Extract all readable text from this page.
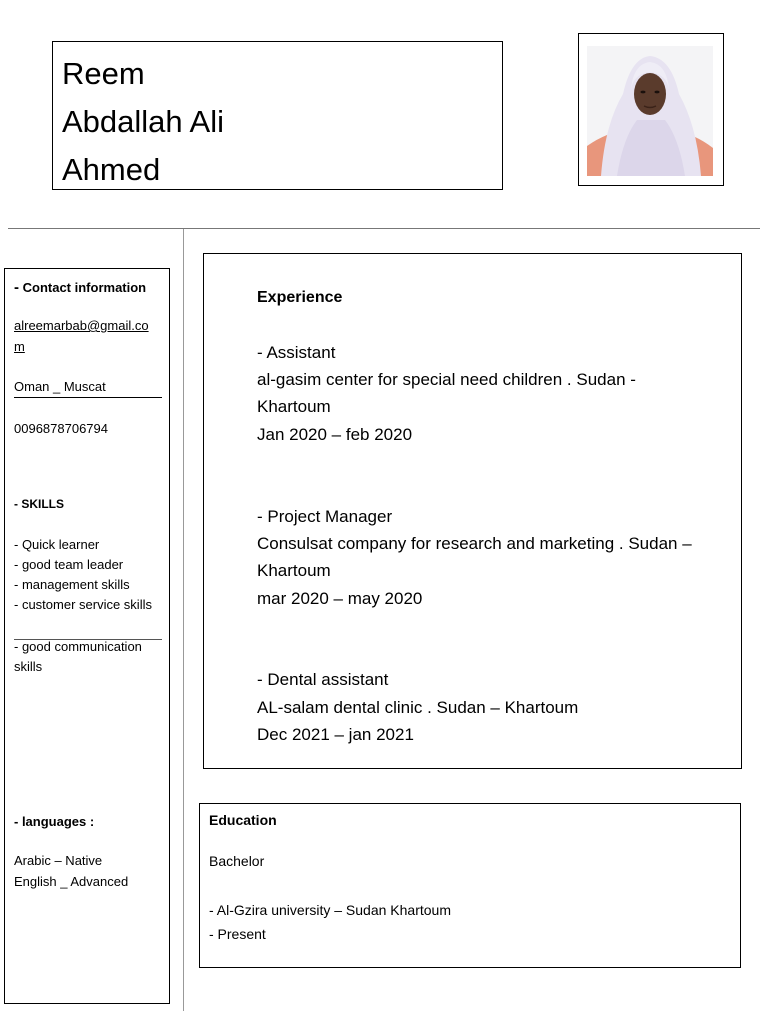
Reem
Abdallah Ali
Ahmed
- Contact information
alreemarbab@gmail.co
m
Oman _ Muscat
0096878706794
- SKILLS
- Quick learner
- good team leader
- management skills
- customer service skills
- good communication
skills
- languages :
Arabic – Native
English _ Advanced
Experience
- Assistant
al-gasim center for special need children . Sudan -
Khartoum
Jan 2020 – feb 2020
- Project Manager
Consulsat company for research and marketing . Sudan –
Khartoum
mar 2020 – may 2020
- Dental assistant
AL-salam dental clinic . Sudan – Khartoum
Dec 2021 – jan 2021
Education
Bachelor
- Al-Gzira university – Sudan Khartoum
- Present
